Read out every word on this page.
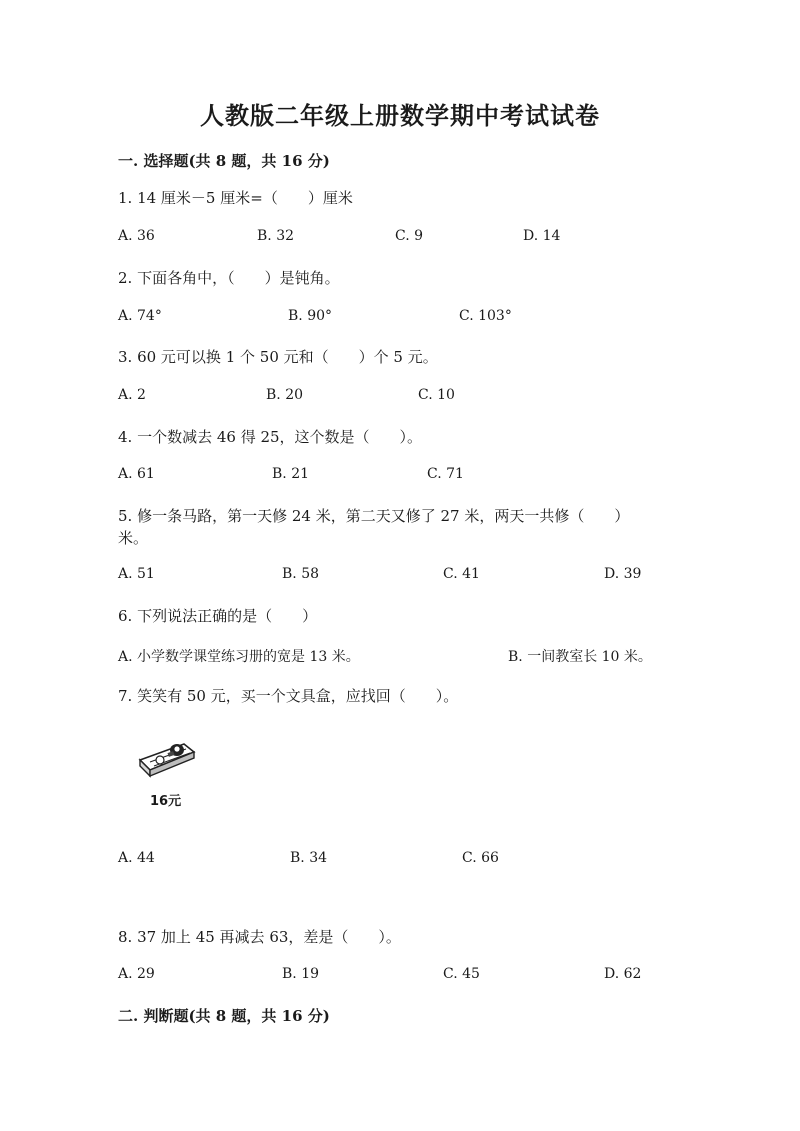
人教版二年级上册数学期中考试试卷
一. 选择题(共 8 题，共 16 分)
1. 14 厘米－5 厘米=（　　）厘米
A. 36	B. 32	C. 9	D. 14
2. 下面各角中，（　　）是钝角。
A. 74°	B. 90°	C. 103°
3. 60 元可以换 1 个 50 元和（　　）个 5 元。
A. 2	B. 20	C. 10
4. 一个数减去 46 得 25，这个数是（　　）。
A. 61	B. 21	C. 71
5. 修一条马路，第一天修 24 米，第二天又修了 27 米，两天一共修（　　）
米。
A. 51	B. 58	C. 41	D. 39
6. 下列说法正确的是（　　）
A. 小学数学课堂练习册的宽是 13 米。	B. 一间教室长 10 米。
7. 笑笑有 50 元，买一个文具盒，应找回（　　）。
16元
A. 44	B. 34	C. 66
8. 37 加上 45 再减去 63，差是（　　）。
A. 29	B. 19	C. 45	D. 62
二. 判断题(共 8 题，共 16 分)
